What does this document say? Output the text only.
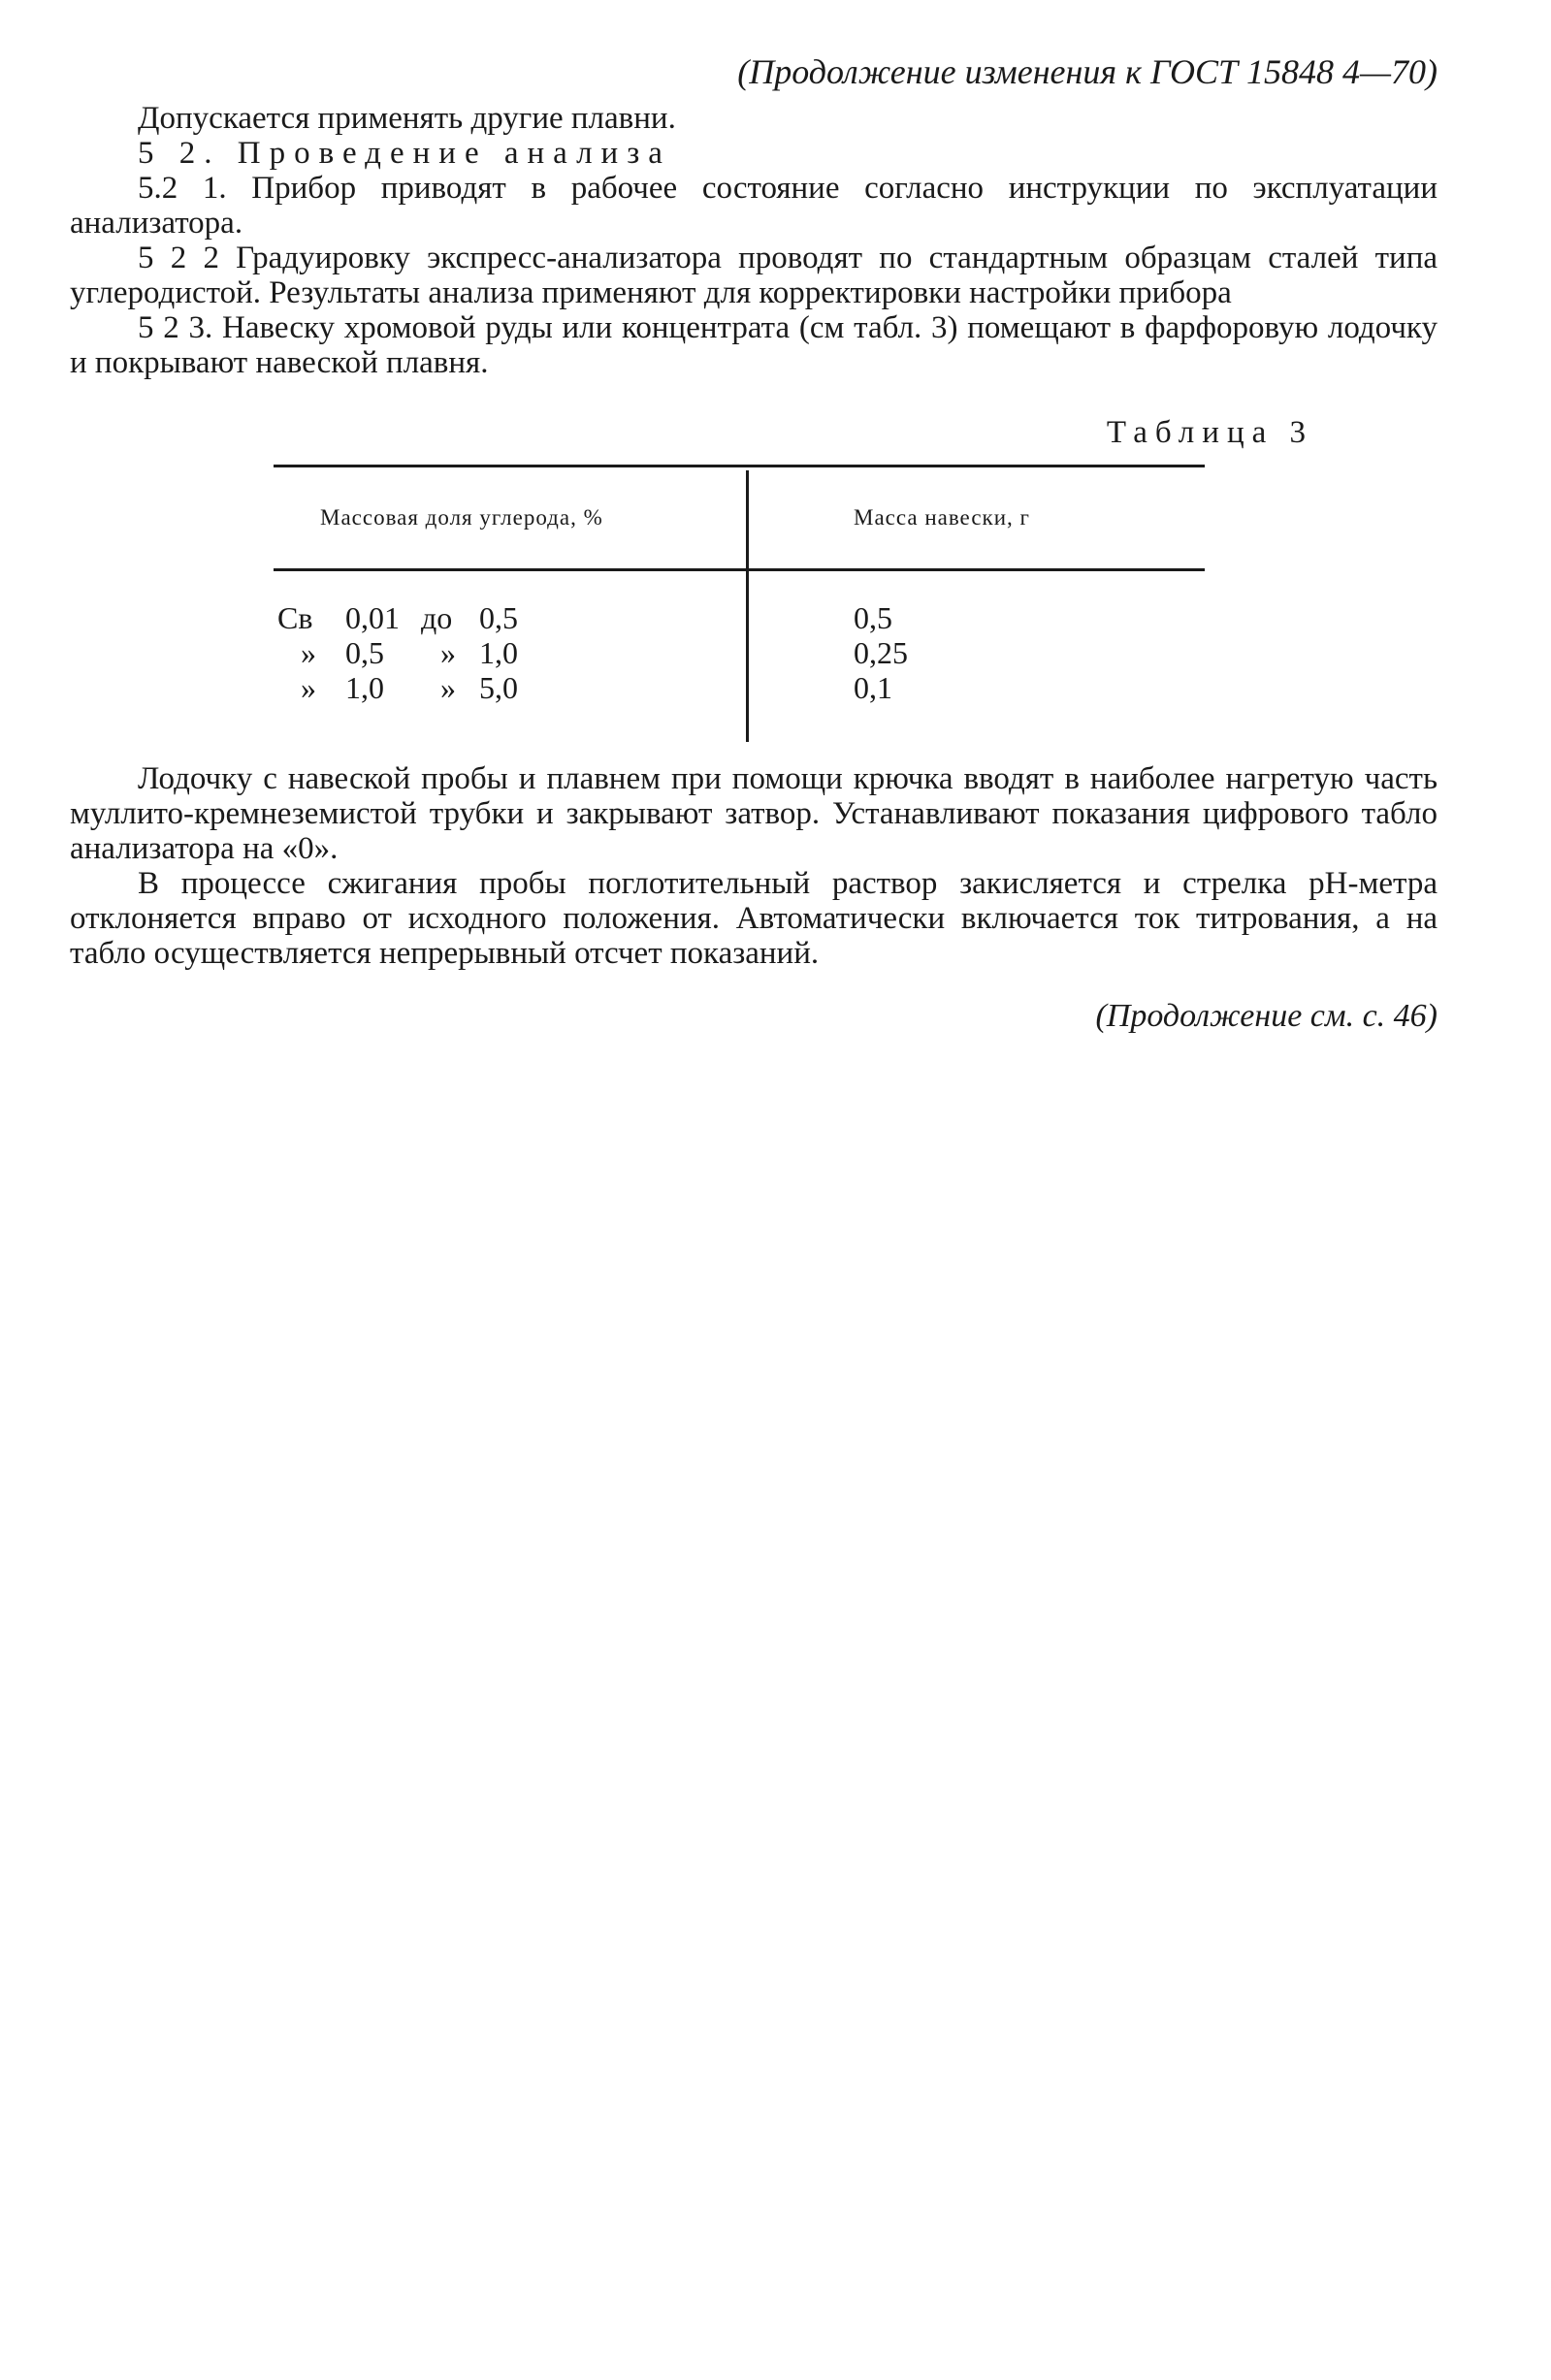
(Продолжение изменения к ГОСТ 15848 4—70)

Допускается применять другие плавни.

5 2. Проведение анализа

5.2 1. Прибор приводят в рабочее состояние согласно инструкции по эксплуатации анализатора.

5 2 2 Градуировку экспресс-анализатора проводят по стандартным образцам сталей типа углеродистой. Результаты анализа применяют для корректировки настройки прибора

5 2 3. Навеску хромовой руды или концентрата (см табл. 3) помещают в фарфоровую лодочку и покрывают навеской плавня.

Таблица 3
Массовая доля углерода, %	Масса навески, г
Св 0,01 до 0,5	0,5
» 0,5 » 1,0	0,25
» 1,0 » 5,0	0,1

Лодочку с навеской пробы и плавнем при помощи крючка вводят в наиболее нагретую часть муллито-кремнеземистой трубки и закрывают затвор. Устанавливают показания цифрового табло анализатора на «0».

В процессе сжигания пробы поглотительный раствор закисляется и стрелка рН-метра отклоняется вправо от исходного положения. Автоматически включается ток титрования, а на табло осуществляется непрерывный отсчет показаний.

(Продолжение см. с. 46)
